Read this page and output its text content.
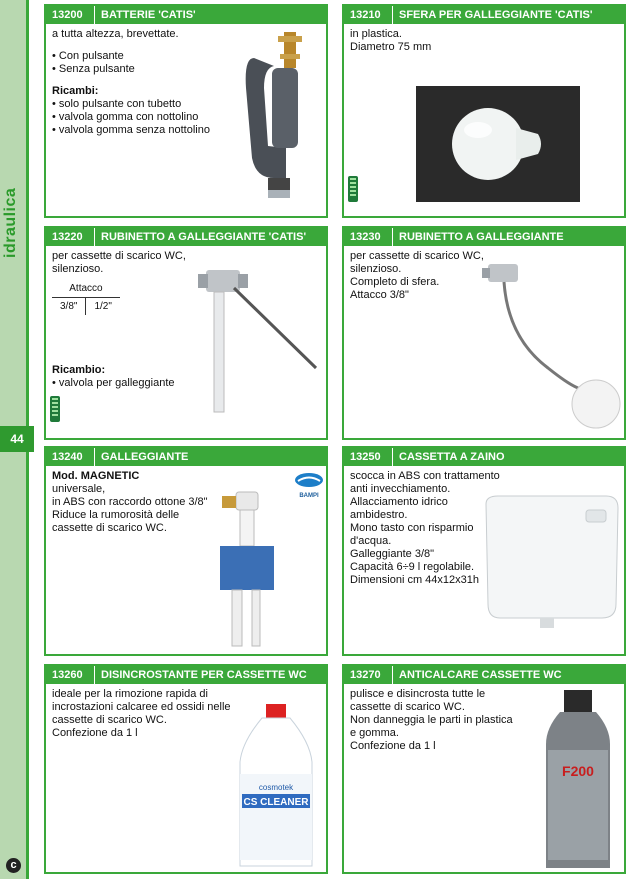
idraulica
44
c
13200 BATTERIE 'CATIS'

a tutta altezza, brevettate.

• Con pulsante

• Senza pulsante

Ricambi:

• solo pulsante con tubetto

• valvola gomma con nottolino

• valvola gomma senza nottolino

13210 SFERA PER GALLEGGIANTE 'CATIS'

in plastica.

Diametro 75 mm

13220 RUBINETTO A GALLEGGIANTE 'CATIS'

per cassette di scarico WC,

silenzioso.

Attacco
3/8"	1/2"

Ricambio:

• valvola per galleggiante

13230 RUBINETTO A GALLEGGIANTE

per cassette di scarico WC,

silenzioso.

Completo di sfera.

Attacco 3/8"

13240 GALLEGGIANTE

Mod. MAGNETIC

universale,

in ABS con raccordo ottone 3/8"

Riduce la rumorosità delle

cassette di scarico WC.

BAMPI
13250 CASSETTA A ZAINO

scocca in ABS con trattamento

anti invecchiamento.

Allacciamento idrico

ambidestro.

Mono tasto con risparmio

d'acqua.

Galleggiante 3/8"

Capacità 6÷9 l regolabile.

Dimensioni cm 44x12x31h

13260 DISINCROSTANTE PER CASSETTE WC

ideale per la rimozione rapida di

incrostazioni calcaree ed ossidi nelle

cassette di scarico WC.

Confezione da 1 l

cosmotek
CS CLEANER
13270 ANTICALCARE CASSETTE WC

pulisce e disincrosta tutte le

cassette di scarico WC.

Non danneggia le parti in plastica

e gomma.

Confezione da 1 l

F200
